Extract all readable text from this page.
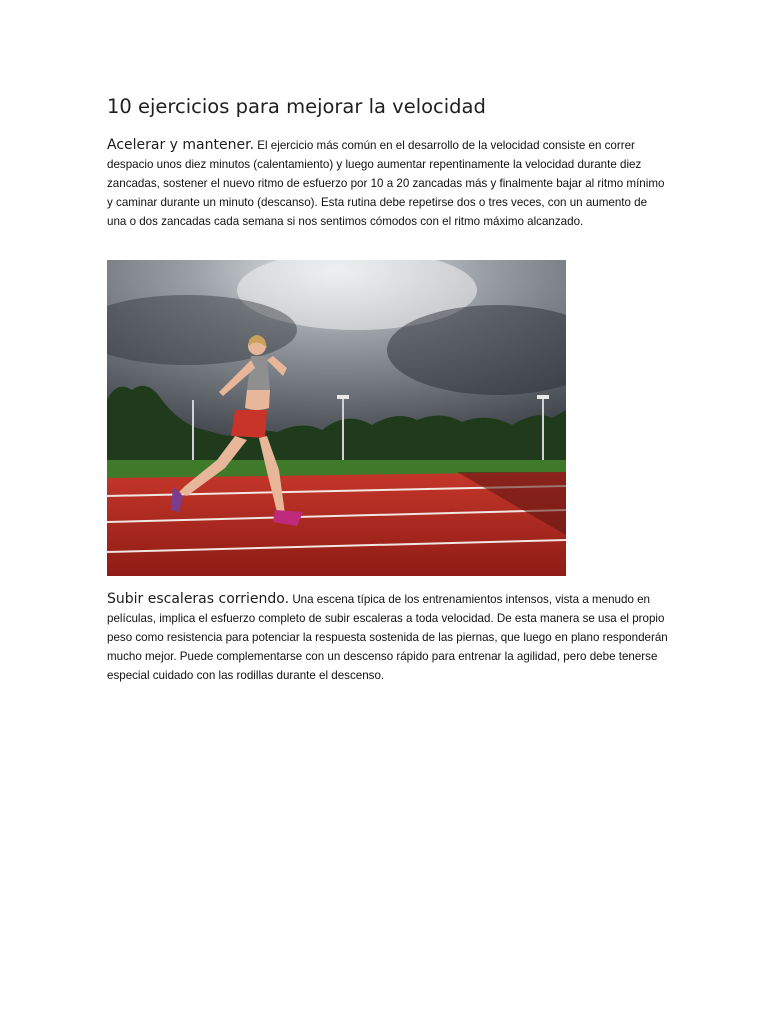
10 ejercicios para mejorar la velocidad

Acelerar y mantener. El ejercicio más común en el desarrollo de la velocidad consiste en correr despacio unos diez minutos (calentamiento) y luego aumentar repentinamente la velocidad durante diez zancadas, sostener el nuevo ritmo de esfuerzo por 10 a 20 zancadas más y finalmente bajar al ritmo mínimo y caminar durante un minuto (descanso). Esta rutina debe repetirse dos o tres veces, con un aumento de una o dos zancadas cada semana si nos sentimos cómodos con el ritmo máximo alcanzado.

Subir escaleras corriendo. Una escena típica de los entrenamientos intensos, vista a menudo en películas, implica el esfuerzo completo de subir escaleras a toda velocidad. De esta manera se usa el propio peso como resistencia para potenciar la respuesta sostenida de las piernas, que luego en plano responderán mucho mejor. Puede complementarse con un descenso rápido para entrenar la agilidad, pero debe tenerse especial cuidado con las rodillas durante el descenso.
